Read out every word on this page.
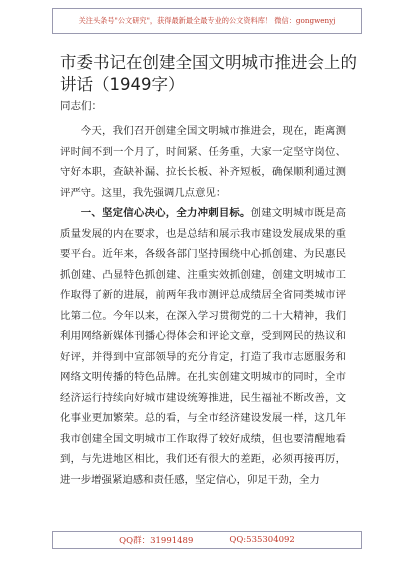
关注头条号"公文研究"，获得最新最全最专业的公文资料库！ 微信：gongwenyj
市委书记在创建全国文明城市推进会上的讲话（1949字）
同志们：

今天，我们召开创建全国文明城市推进会，现在，距离测评时间不到一个月了，时间紧、任务重，大家一定坚守岗位、守好本职，查缺补漏、拉长长板、补齐短板，确保顺利通过测评严守。这里，我先强调几点意见：

一、坚定信心决心，全力冲刺目标。创建文明城市既是高质量发展的内在要求，也是总结和展示我市建设发展成果的重要平台。近年来，各级各部门坚持围绕中心抓创建、为民惠民抓创建、凸显特色抓创建、注重实效抓创建，创建文明城市工作取得了新的进展，前两年我市测评总成绩居全省同类城市评比第二位。今年以来，在深入学习贯彻党的二十大精神，我们利用网络新媒体刊播心得体会和评论文章，受到网民的热议和好评，并得到中宣部领导的充分肯定，打造了我市志愿服务和网络文明传播的特色品牌。在扎实创建文明城市的同时，全市经济运行持续向好城市建设统筹推进，民生福祉不断改善，文化事业更加繁荣。总的看，与全市经济建设发展一样，这几年我市创建全国文明城市工作取得了较好成绩，但也要清醒地看到，与先进地区相比，我们还有很大的差距，必须再接再厉，进一步增强紧迫感和责任感，坚定信心，卯足干劲，全力

QQ群：31991489	QQ:535304092
